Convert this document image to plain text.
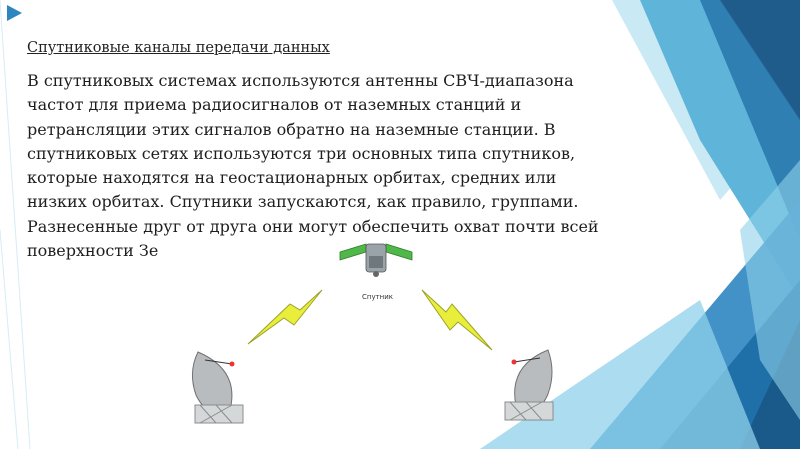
Спутниковые каналы передачи данных
В спутниковых системах используются антенны СВЧ-диапазона
частот для приема радиосигналов от наземных станций и
ретрансляции этих сигналов обратно на наземные станции. В
спутниковых сетях используются три основных типа спутников,
которые находятся на геостационарных орбитах, средних или
низких орбитах. Спутники запускаются, как правило, группами.
Разнесенные друг от друга они могут обеспечить охват почти всей
поверхности Зе
Спутник
